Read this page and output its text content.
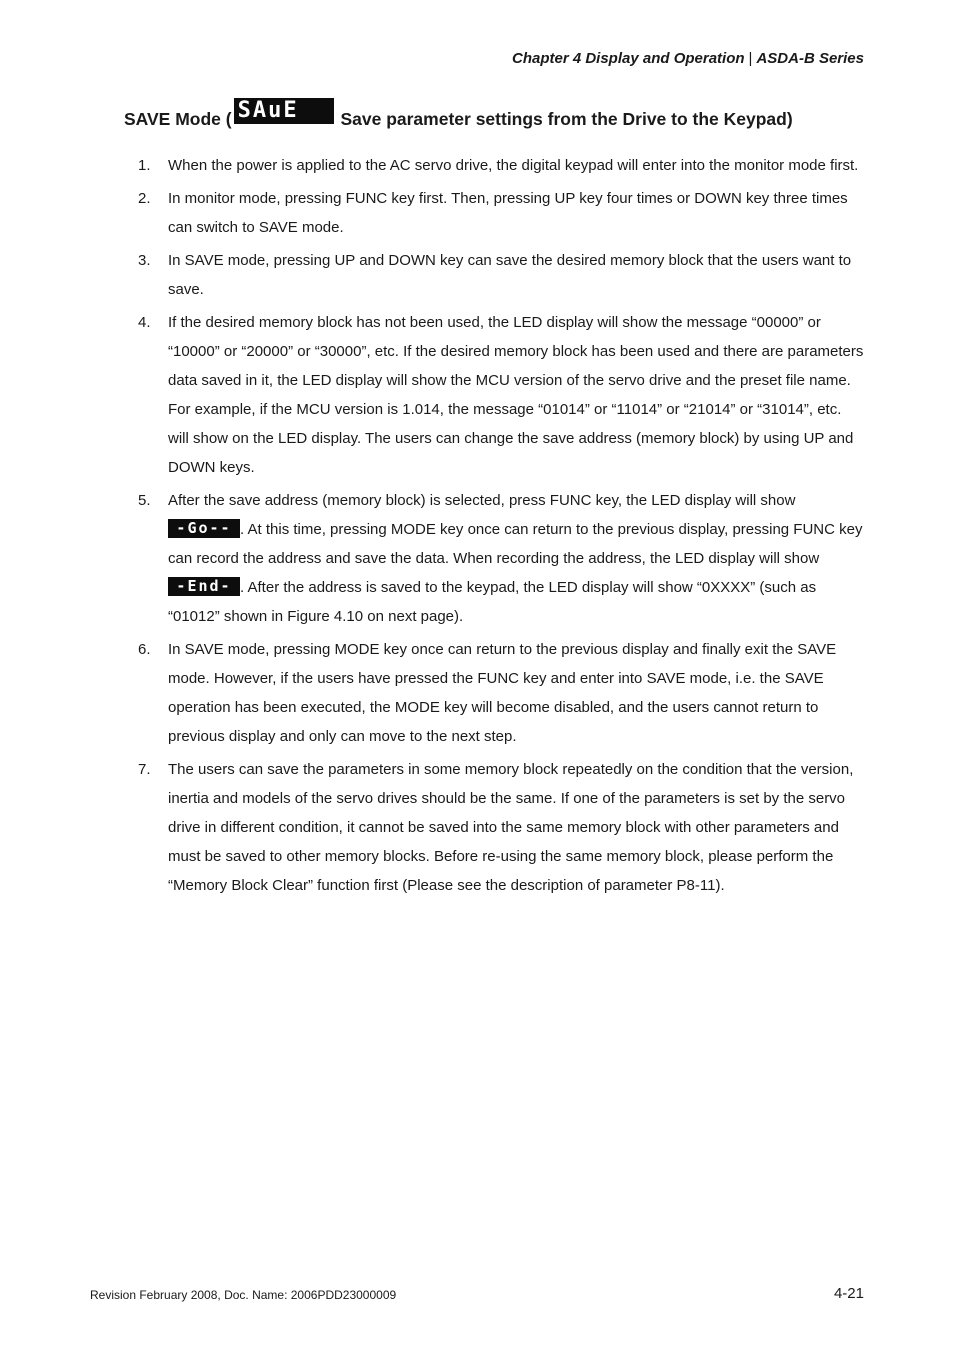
Chapter 4 Display and Operation | ASDA-B Series
SAVE Mode ( SAuE Save parameter settings from the Drive to the Keypad)
1.	When the power is applied to the AC servo drive, the digital keypad will enter into the monitor mode first.
2.	In monitor mode, pressing FUNC key first. Then, pressing UP key four times or DOWN key three times can switch to SAVE mode.
3.	In SAVE mode, pressing UP and DOWN key can save the desired memory block that the users want to save.
4.	If the desired memory block has not been used, the LED display will show the message “00000” or “10000” or “20000” or “30000”, etc. If the desired memory block has been used and there are parameters data saved in it, the LED display will show the MCU version of the servo drive and the preset file name. For example, if the MCU version is 1.014, the message “01014” or “11014” or “21014” or “31014”, etc. will show on the LED display. The users can change the save address (memory block) by using UP and DOWN keys.
5.	After the save address (memory block) is selected, press FUNC key, the LED display will show -Go-- . At this time, pressing MODE key once can return to the previous display, pressing FUNC key can record the address and save the data. When recording the address, the LED display will show -End- . After the address is saved to the keypad, the LED display will show “0XXXX” (such as “01012” shown in Figure 4.10 on next page).
6.	In SAVE mode, pressing MODE key once can return to the previous display and finally exit the SAVE mode. However, if the users have pressed the FUNC key and enter into SAVE mode, i.e. the SAVE operation has been executed, the MODE key will become disabled, and the users cannot return to previous display and only can move to the next step.
7.	The users can save the parameters in some memory block repeatedly on the condition that the version, inertia and models of the servo drives should be the same. If one of the parameters is set by the servo drive in different condition, it cannot be saved into the same memory block with other parameters and must be saved to other memory blocks. Before re-using the same memory block, please perform the “Memory Block Clear” function first (Please see the description of parameter P8-11).
Revision February 2008, Doc. Name: 2006PDD23000009	4-21
